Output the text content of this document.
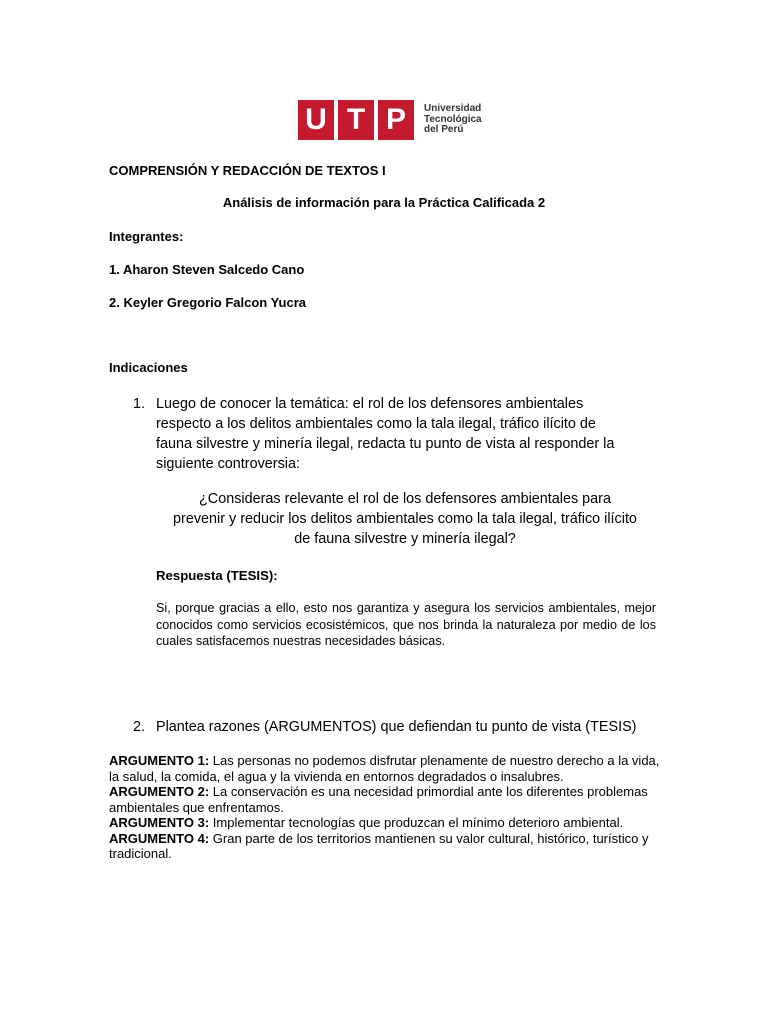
U T P	Universidad
Tecnológica
del Perú
COMPRENSIÓN Y REDACCIÓN DE TEXTOS I
Análisis de información para la Práctica Calificada 2
Integrantes:
1. Aharon Steven Salcedo Cano
2. Keyler Gregorio Falcon Yucra
Indicaciones
1. Luego de conocer la temática: el rol de los defensores ambientales
respecto a los delitos ambientales como la tala ilegal, tráfico ilícito de
fauna silvestre y minería ilegal, redacta tu punto de vista al responder la
siguiente controversia:
¿Consideras relevante el rol de los defensores ambientales para
prevenir y reducir los delitos ambientales como la tala ilegal, tráfico ilícito
de fauna silvestre y minería ilegal?
Respuesta (TESIS):
Si, porque gracias a ello, esto nos garantiza y asegura los servicios ambientales, mejor conocidos como servicios ecosistémicos, que nos brinda la naturaleza por medio de los cuales satisfacemos nuestras necesidades básicas.
2. Plantea razones (ARGUMENTOS) que defiendan tu punto de vista (TESIS)

ARGUMENTO 1: Las personas no podemos disfrutar plenamente de nuestro derecho a la vida, la salud, la comida, el agua y la vivienda en entornos degradados o insalubres.

ARGUMENTO 2: La conservación es una necesidad primordial ante los diferentes problemas ambientales que enfrentamos.

ARGUMENTO 3: Implementar tecnologías que produzcan el mínimo deterioro ambiental.

ARGUMENTO 4: Gran parte de los territorios mantienen su valor cultural, histórico, turístico y tradicional.
